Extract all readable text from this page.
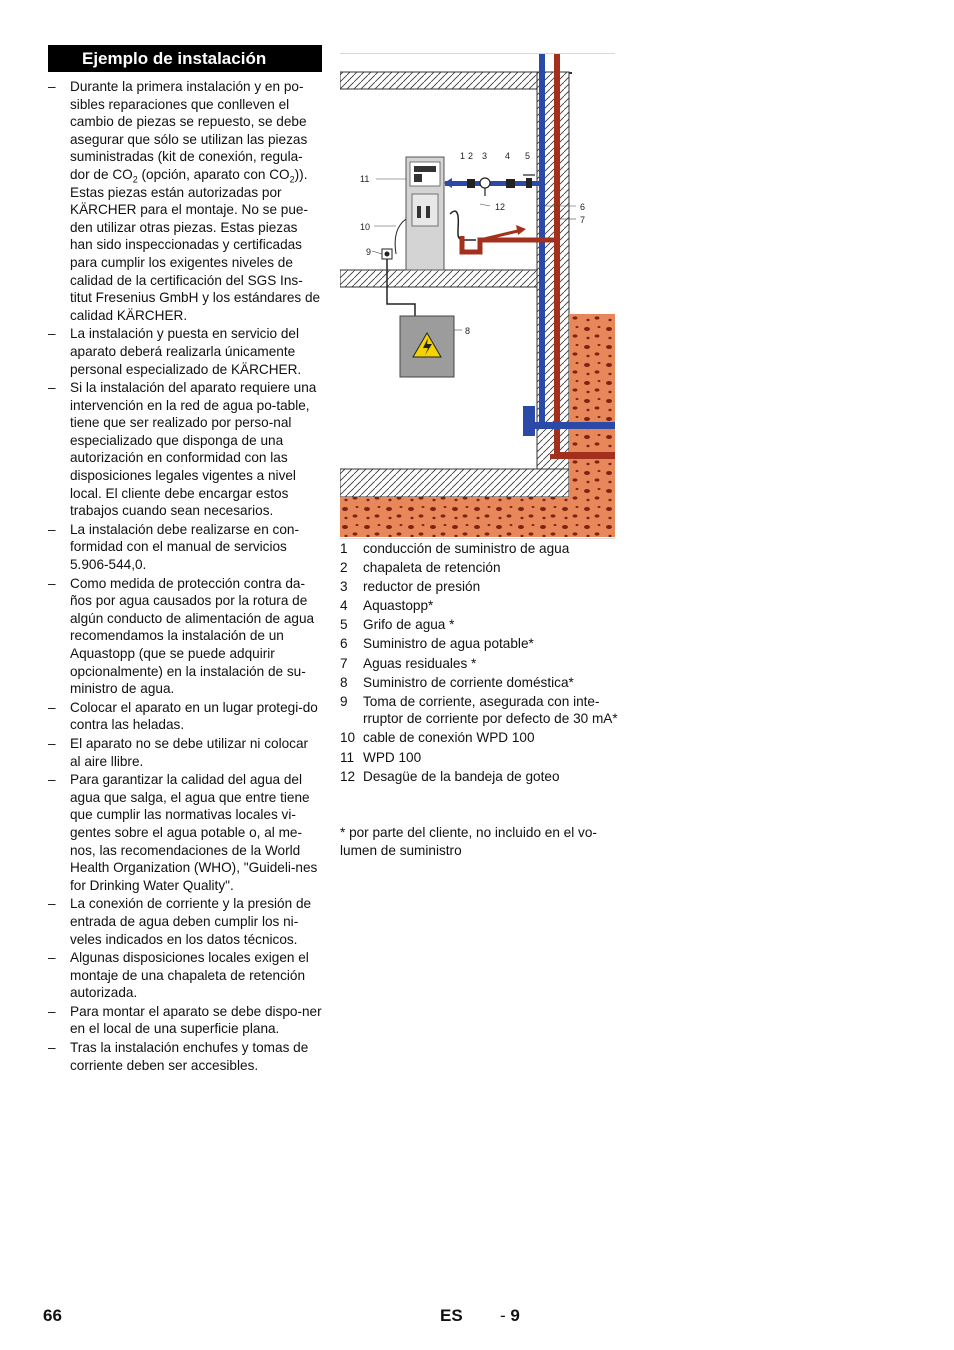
Ejemplo de instalación
– Durante la primera instalación y en po-sibles reparaciones que conlleven el cambio de piezas se repuesto, se debe asegurar que sólo se utilizan las piezas suministradas (kit de conexión, regula-dor de $CO_2$ (opción, aparato con $CO_2$)). Estas piezas están autorizadas por KÄRCHER para el montaje. No se pue-den utilizar otras piezas. Estas piezas han sido inspeccionadas y certificadas para cumplir los exigentes niveles de calidad de la certificación del SGS Ins-titut Fresenius GmbH y los estándares de calidad KÄRCHER.
– La instalación y puesta en servicio del aparato deberá realizarla únicamente personal especializado de KÄRCHER.
– Si la instalación del aparato requiere una intervención en la red de agua po-table, tiene que ser realizado por perso-nal especializado que disponga de una autorización en conformidad con las disposiciones legales vigentes a nivel local. El cliente debe encargar estos trabajos cuando sean necesarios.
– La instalación debe realizarse en con-formidad con el manual de servicios 5.906-544,0.
– Como medida de protección contra da-ños por agua causados por la rotura de algún conducto de alimentación de agua recomendamos la instalación de un Aquastopp (que se puede adquirir opcionalmente) en la instalación de su-ministro de agua.
– Colocar el aparato en un lugar protegi-do contra las heladas.
– El aparato no se debe utilizar ni colocar al aire llibre.
– Para garantizar la calidad del agua del agua que salga, el agua que entre tiene que cumplir las normativas locales vi-gentes sobre el agua potable o, al me-nos, las recomendaciones de la World Health Organization (WHO), "Guideli-nes for Drinking Water Quality".
– La conexión de corriente y la presión de entrada de agua deben cumplir los ni-veles indicados en los datos técnicos.
– Algunas disposiciones locales exigen el montaje de una chapaleta de retención autorizada.
– Para montar el aparato se debe dispo-ner en el local de una superficie plana.
– Tras la instalación enchufes y tomas de corriente deben ser accesibles.
1 2 3 4 5
6
7
8
9
10
11
12
1 conducción de suministro de agua
2 chapaleta de retención
3 reductor de presión
4 Aquastopp*
5 Grifo de agua *
6 Suministro de agua potable*
7 Aguas residuales *
8 Suministro de corriente doméstica*
9 Toma de corriente, asegurada con inte-rruptor de corriente por defecto de 30 mA*
10 cable de conexión WPD 100
11 WPD 100
12 Desagüe de la bandeja de goteo
* por parte del cliente, no incluido en el vo-lumen de suministro
66	ES - 9
